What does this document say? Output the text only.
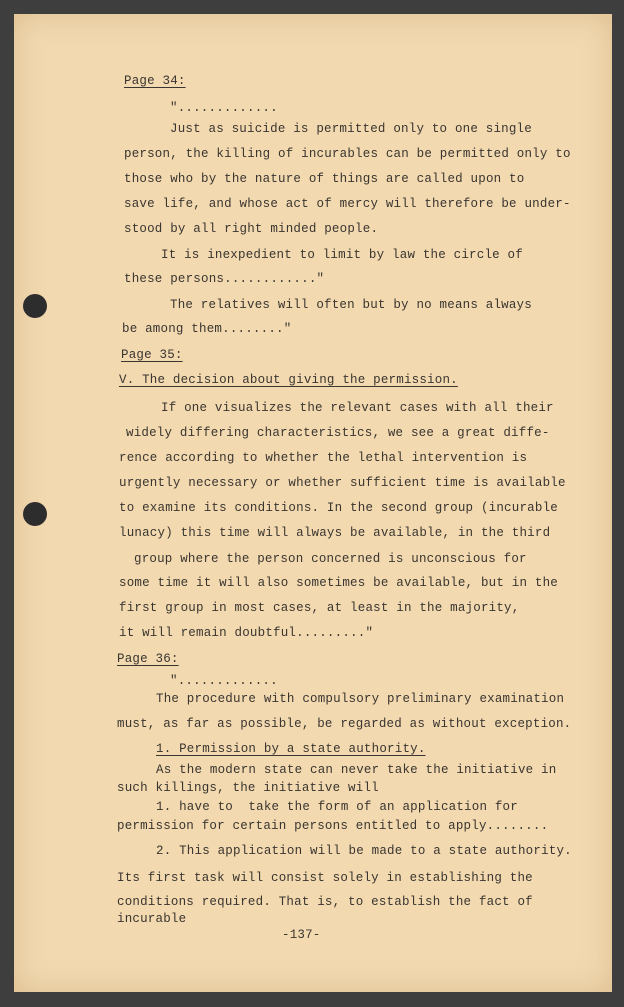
Page 34:
".............
Just as suicide is permitted only to one single
person, the killing of incurables can be permitted only to
those who by the nature of things are called upon to
save life, and whose act of mercy will therefore be under-
stood by all right minded people.
It is inexpedient to limit by law the circle of
these persons............"
The relatives will often but by no means always
be among them........"
Page 35:
V. The decision about giving the permission.
If one visualizes the relevant cases with all their
widely differing characteristics, we see a great diffe-
rence according to whether the lethal intervention is
urgently necessary or whether sufficient time is available
to examine its conditions. In the second group (incurable
lunacy) this time will always be available, in the third
group where the person concerned is unconscious for
some time it will also sometimes be available, but in the
first group in most cases, at least in the majority,
it will remain doubtful........."
Page 36:
".............
The procedure with compulsory preliminary examination
must, as far as possible, be regarded as without exception.
1. Permission by a state authority.
As the modern state can never take the initiative in
such killings, the initiative will
1. have to  take the form of an application for
permission for certain persons entitled to apply........
2. This application will be made to a state authority.
Its first task will consist solely in establishing the
conditions required. That is, to establish the fact of
incurable
-137-
